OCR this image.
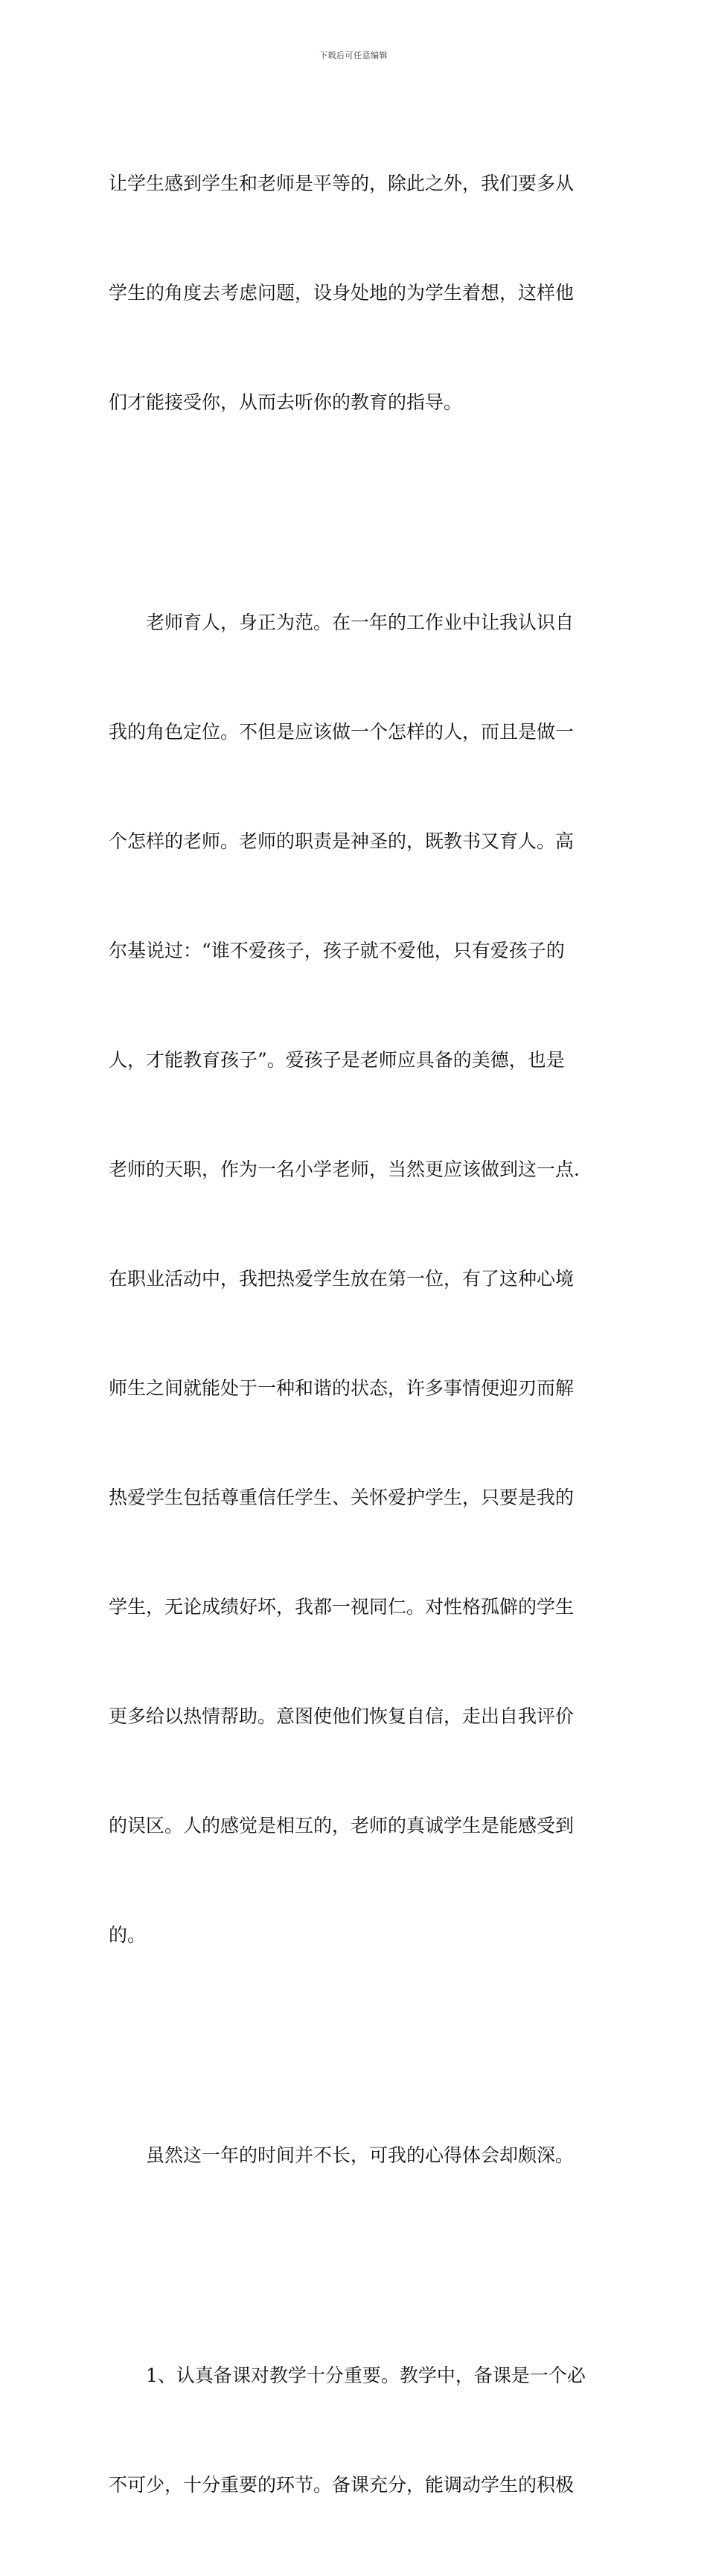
下载后可任意编辑

让学生感到学生和老师是平等的，除此之外，我们要多从

学生的角度去考虑问题，设身处地的为学生着想，这样他

们才能接受你，从而去听你的教育的指导。

老师育人，身正为范。在一年的工作业中让我认识自

我的角色定位。不但是应该做一个怎样的人，而且是做一

个怎样的老师。老师的职责是神圣的，既教书又育人。高

尔基说过：“谁不爱孩子，孩子就不爱他，只有爱孩子的

人，才能教育孩子”。爱孩子是老师应具备的美德，也是

老师的天职，作为一名小学老师，当然更应该做到这一点.

在职业活动中，我把热爱学生放在第一位，有了这种心境

师生之间就能处于一种和谐的状态，许多事情便迎刃而解

热爱学生包括尊重信任学生、关怀爱护学生，只要是我的

学生，无论成绩好坏，我都一视同仁。对性格孤僻的学生

更多给以热情帮助。意图使他们恢复自信，走出自我评价

的误区。人的感觉是相互的，老师的真诚学生是能感受到

的。

虽然这一年的时间并不长，可我的心得体会却颇深。

1、认真备课对教学十分重要。教学中，备课是一个必

不可少，十分重要的环节。备课充分，能调动学生的积极
